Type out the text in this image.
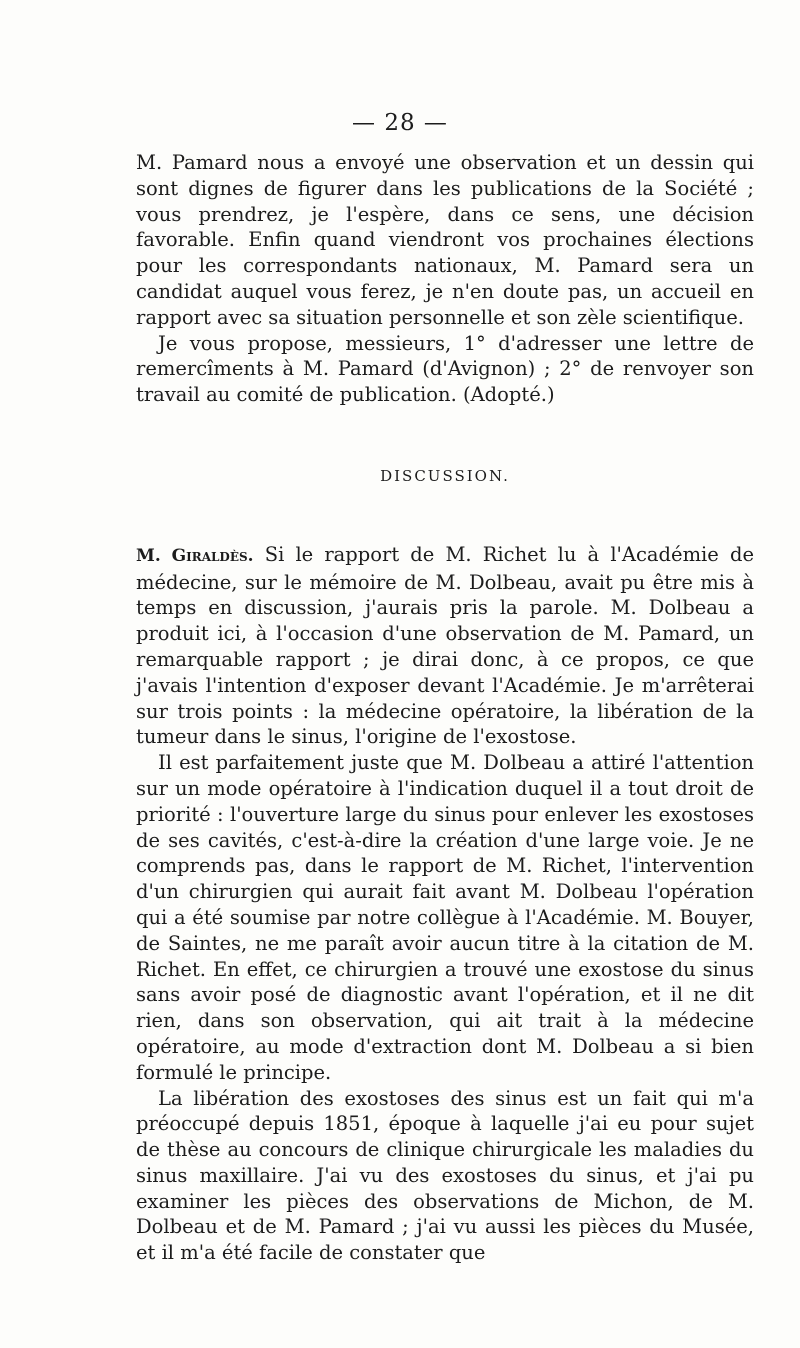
— 28 —

M. Pamard nous a envoyé une observation et un dessin qui sont dignes de figurer dans les publications de la Société ; vous prendrez, je l'espère, dans ce sens, une décision favorable. Enfin quand viendront vos prochaines élections pour les correspondants nationaux, M. Pamard sera un candidat auquel vous ferez, je n'en doute pas, un accueil en rapport avec sa situation personnelle et son zèle scientifique.

Je vous propose, messieurs, 1° d'adresser une lettre de remercîments à M. Pamard (d'Avignon) ; 2° de renvoyer son travail au comité de publication. (Adopté.)

DISCUSSION.

M. Giraldès. Si le rapport de M. Richet lu à l'Académie de médecine, sur le mémoire de M. Dolbeau, avait pu être mis à temps en discussion, j'aurais pris la parole. M. Dolbeau a produit ici, à l'occasion d'une observation de M. Pamard, un remarquable rapport ; je dirai donc, à ce propos, ce que j'avais l'intention d'exposer devant l'Académie. Je m'arrêterai sur trois points : la médecine opératoire, la libération de la tumeur dans le sinus, l'origine de l'exostose.

Il est parfaitement juste que M. Dolbeau a attiré l'attention sur un mode opératoire à l'indication duquel il a tout droit de priorité : l'ouverture large du sinus pour enlever les exostoses de ses cavités, c'est-à-dire la création d'une large voie. Je ne comprends pas, dans le rapport de M. Richet, l'intervention d'un chirurgien qui aurait fait avant M. Dolbeau l'opération qui a été soumise par notre collègue à l'Académie. M. Bouyer, de Saintes, ne me paraît avoir aucun titre à la citation de M. Richet. En effet, ce chirurgien a trouvé une exostose du sinus sans avoir posé de diagnostic avant l'opération, et il ne dit rien, dans son observation, qui ait trait à la médecine opératoire, au mode d'extraction dont M. Dolbeau a si bien formulé le principe.

La libération des exostoses des sinus est un fait qui m'a préoccupé depuis 1851, époque à laquelle j'ai eu pour sujet de thèse au concours de clinique chirurgicale les maladies du sinus maxillaire. J'ai vu des exostoses du sinus, et j'ai pu examiner les pièces des observations de Michon, de M. Dolbeau et de M. Pamard ; j'ai vu aussi les pièces du Musée, et il m'a été facile de constater que
